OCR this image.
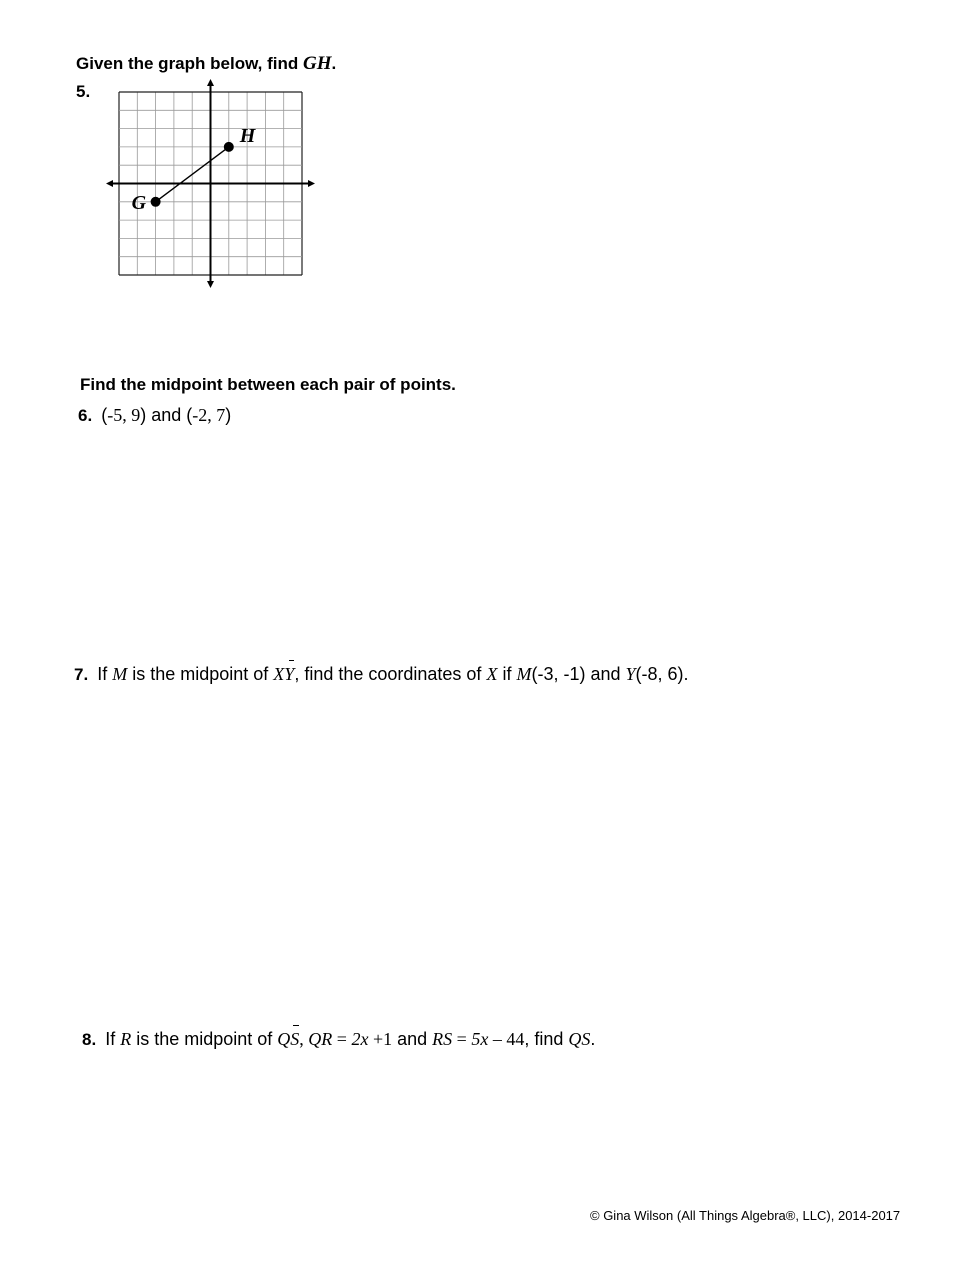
Given the graph below, find GH.
5.
G
H
Find the midpoint between each pair of points.
6. (-5, 9) and (-2, 7)
7. If M is the midpoint of XY, find the coordinates of X if M(-3, -1) and Y(-8, 6).
8. If R is the midpoint of QS, QR = 2x +1 and RS = 5x – 44, find QS.
© Gina Wilson (All Things Algebra®, LLC), 2014-2017
